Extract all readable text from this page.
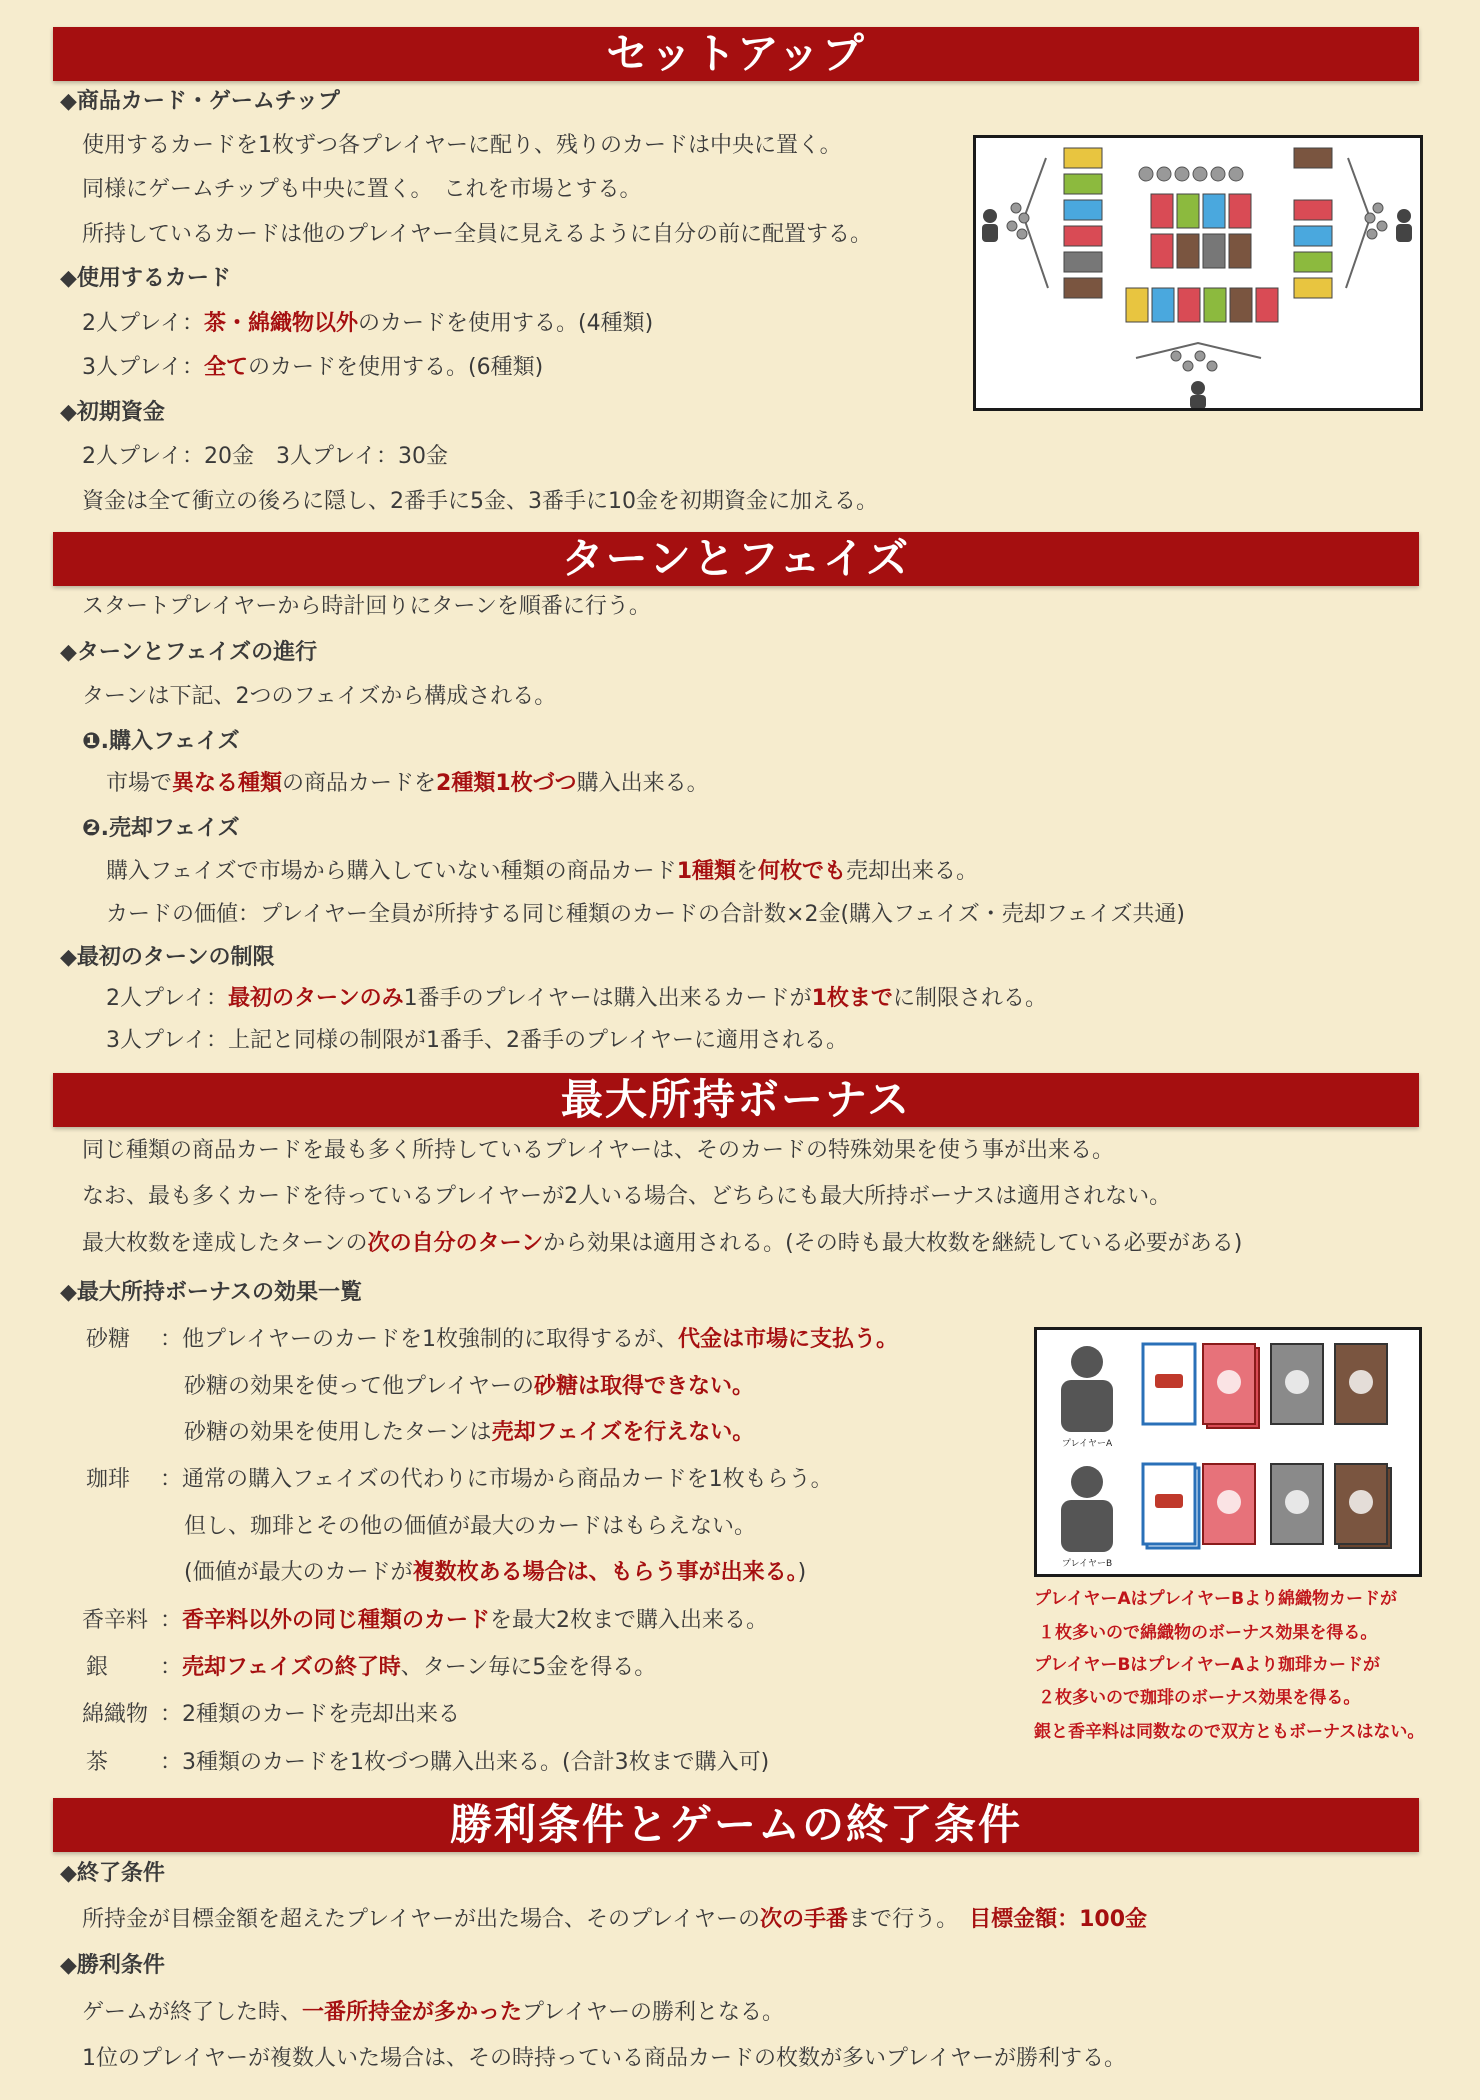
セットアップ
◆商品カード・ゲームチップ
使用するカードを1枚ずつ各プレイヤーに配り、残りのカードは中央に置く。
同様にゲームチップも中央に置く。　これを市場とする。
所持しているカードは他のプレイヤー全員に見えるように自分の前に配置する。
◆使用するカード
2人プレイ：茶・綿織物以外のカードを使用する。(4種類)
3人プレイ：全てのカードを使用する。(6種類)
◆初期資金
2人プレイ：20金　3人プレイ：30金
資金は全て衝立の後ろに隠し、2番手に5金、3番手に10金を初期資金に加える。
ターンとフェイズ
スタートプレイヤーから時計回りにターンを順番に行う。
◆ターンとフェイズの進行
ターンは下記、2つのフェイズから構成される。
❶.購入フェイズ
市場で異なる種類の商品カードを2種類1枚づつ購入出来る。
❷.売却フェイズ
購入フェイズで市場から購入していない種類の商品カード1種類を何枚でも売却出来る。
カードの価値：プレイヤー全員が所持する同じ種類のカードの合計数×2金(購入フェイズ・売却フェイズ共通)
◆最初のターンの制限
2人プレイ：最初のターンのみ1番手のプレイヤーは購入出来るカードが1枚までに制限される。
3人プレイ：上記と同様の制限が1番手、2番手のプレイヤーに適用される。
最大所持ボーナス
同じ種類の商品カードを最も多く所持しているプレイヤーは、そのカードの特殊効果を使う事が出来る。
なお、最も多くカードを待っているプレイヤーが2人いる場合、どちらにも最大所持ボーナスは適用されない。
最大枚数を達成したターンの次の自分のターンから効果は適用される。(その時も最大枚数を継続している必要がある)
◆最大所持ボーナスの効果一覧
砂糖 ：他プレイヤーのカードを1枚強制的に取得するが、代金は市場に支払う。
砂糖の効果を使って他プレイヤーの砂糖は取得できない。
砂糖の効果を使用したターンは売却フェイズを行えない。
珈琲 ：通常の購入フェイズの代わりに市場から商品カードを1枚もらう。
但し、珈琲とその他の価値が最大のカードはもらえない。
(価値が最大のカードが複数枚ある場合は、もらう事が出来る。)
香辛料 ：香辛料以外の同じ種類のカードを最大2枚まで購入出来る。
銀 ：売却フェイズの終了時、ターン毎に5金を得る。
綿織物 ：2種類のカードを売却出来る
茶 ：3種類のカードを1枚づつ購入出来る。(合計3枚まで購入可)
プレイヤーA
プレイヤーB
プレイヤーAはプレイヤーBより綿織物カードが
１枚多いので綿織物のボーナス効果を得る。
プレイヤーBはプレイヤーAより珈琲カードが
２枚多いので珈琲のボーナス効果を得る。
銀と香辛料は同数なので双方ともボーナスはない。
勝利条件とゲームの終了条件
◆終了条件
所持金が目標金額を超えたプレイヤーが出た場合、そのプレイヤーの次の手番まで行う。　 目標金額：100金
◆勝利条件
ゲームが終了した時、一番所持金が多かったプレイヤーの勝利となる。
1位のプレイヤーが複数人いた場合は、その時持っている商品カードの枚数が多いプレイヤーが勝利する。
